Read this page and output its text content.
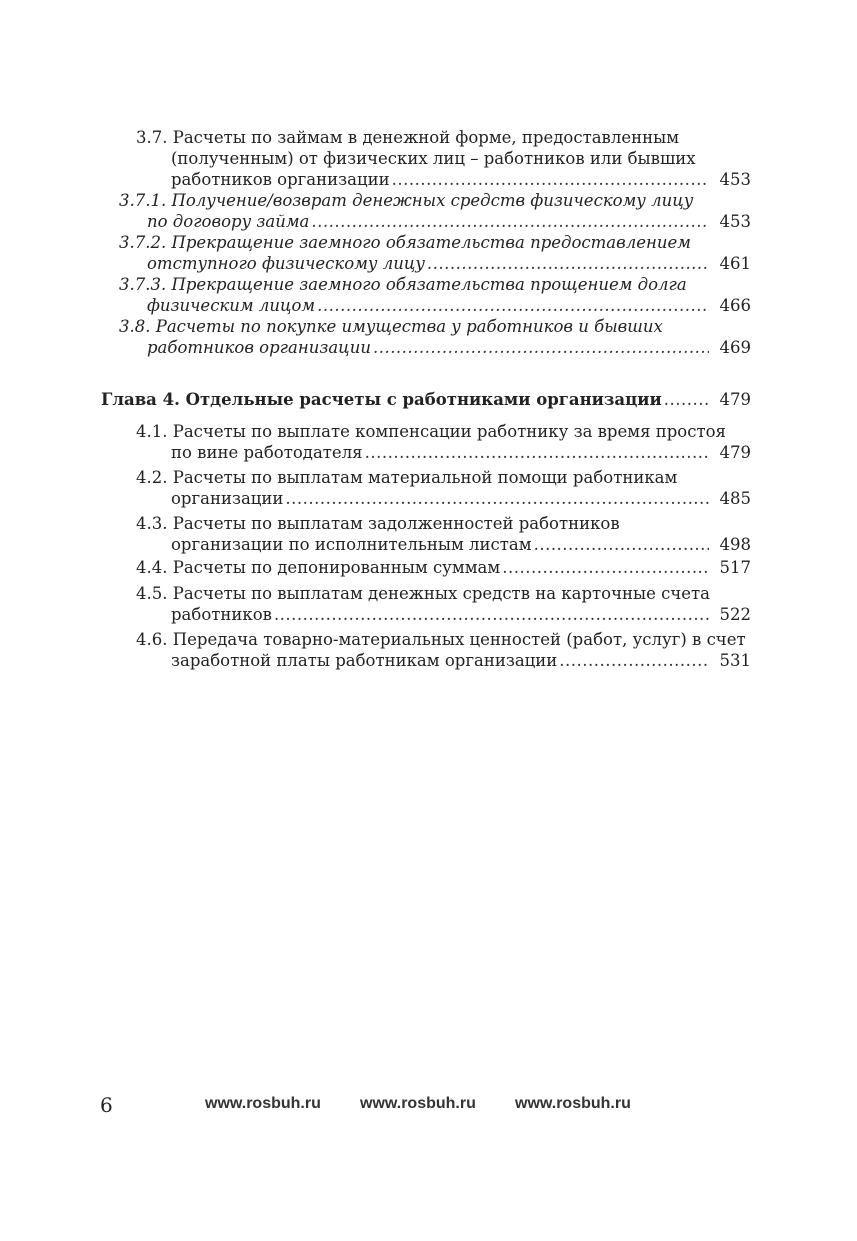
3.7. Расчеты по займам в денежной форме, предоставленным
(полученным) от физических лиц – работников или бывших
работников организации .....	453
3.7.1. Получение/возврат денежных средств физическому лицу
по договору займа .....	453
3.7.2. Прекращение заемного обязательства предоставлением
отступного физическому лицу .....	461
3.7.3. Прекращение заемного обязательства прощением долга
физическим лицом .....	466
3.8. Расчеты по покупке имущества у работников и бывших
работников организации .....	469
Глава 4. Отдельные расчеты с работниками организации .....	479
4.1. Расчеты по выплате компенсации работнику за время простоя
по вине работодателя .....	479
4.2. Расчеты по выплатам материальной помощи работникам
организации .....	485
4.3. Расчеты по выплатам задолженностей работников
организации по исполнительным листам .....	498
4.4. Расчеты по депонированным суммам .....	517
4.5. Расчеты по выплатам денежных средств на карточные счета
работников .....	522
4.6. Передача товарно-материальных ценностей (работ, услуг) в счет
заработной платы работникам организации .....	531
6	www.rosbuh.ru www.rosbuh.ru www.rosbuh.ru
